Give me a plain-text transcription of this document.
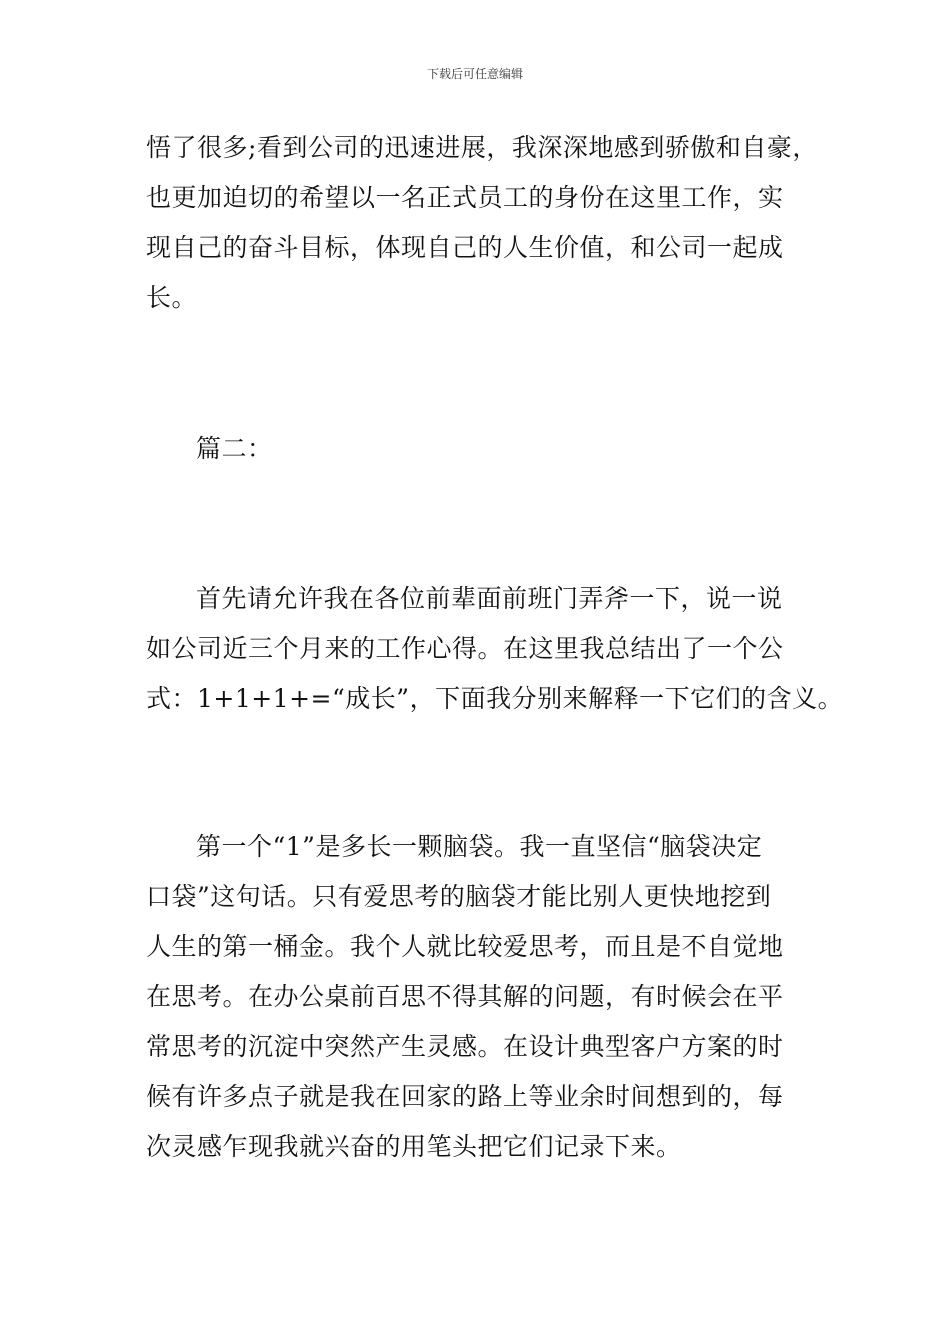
下载后可任意编辑
悟了很多;看到公司的迅速进展，我深深地感到骄傲和自豪，
也更加迫切的希望以一名正式员工的身份在这里工作，实
现自己的奋斗目标，体现自己的人生价值，和公司一起成
长。
篇二：
首先请允许我在各位前辈面前班门弄斧一下，说一说
如公司近三个月来的工作心得。在这里我总结出了一个公
式：1+1+1+=“成长”，下面我分别来解释一下它们的含义。
第一个“1”是多长一颗脑袋。我一直坚信“脑袋决定
口袋”这句话。只有爱思考的脑袋才能比别人更快地挖到
人生的第一桶金。我个人就比较爱思考，而且是不自觉地
在思考。在办公桌前百思不得其解的问题，有时候会在平
常思考的沉淀中突然产生灵感。在设计典型客户方案的时
候有许多点子就是我在回家的路上等业余时间想到的，每
次灵感乍现我就兴奋的用笔头把它们记录下来。
